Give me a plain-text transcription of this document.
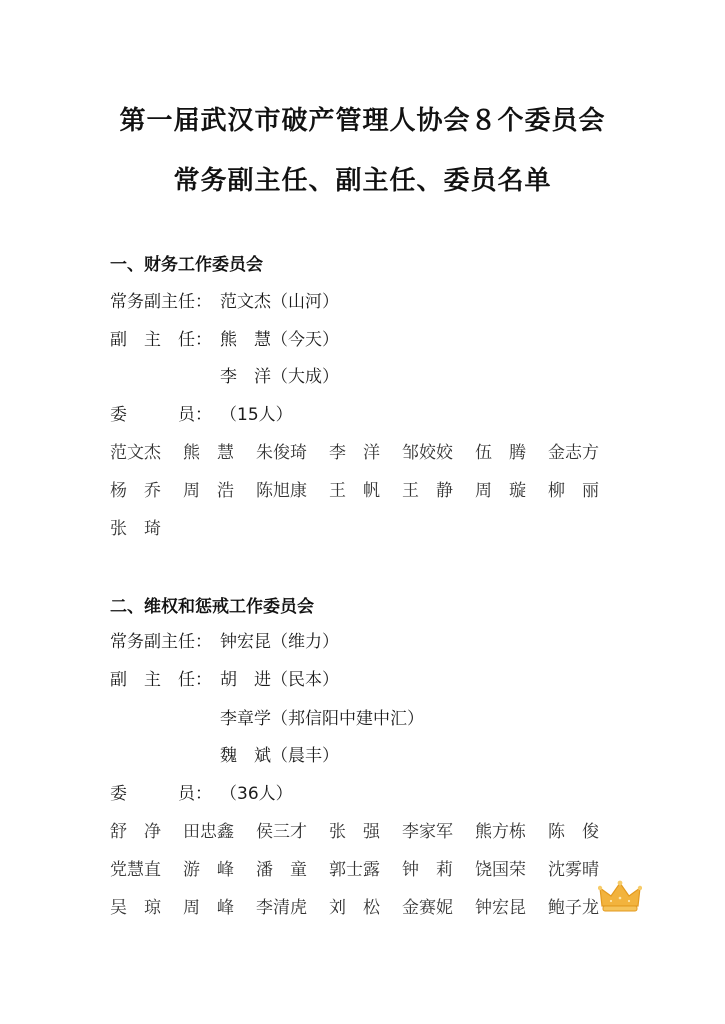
第一届武汉市破产管理人协会８个委员会
常务副主任、副主任、委员名单
一、财务工作委员会
常务副主任： 范文杰（山河）
副　主　任： 熊　慧（今天）
李　洋（大成）
委　　　员： （15人）
范文杰	熊　慧	朱俊琦	李　洋	邹姣姣	伍　腾	金志方
杨　乔	周　浩	陈旭康	王　帆	王　静	周　璇	柳　丽
张　琦
二、维权和惩戒工作委员会
常务副主任： 钟宏昆（维力）
副　主　任： 胡　进（民本）
李章学（邦信阳中建中汇）
魏　斌（晨丰）
委　　　员： （36人）
舒　净	田忠鑫	侯三才	张　强	李家军	熊方栋	陈　俊
党慧直	游　峰	潘　童	郭士露	钟　莉	饶国荣	沈雾晴
吴　琼	周　峰	李清虎	刘　松	金赛妮	钟宏昆	鲍子龙
